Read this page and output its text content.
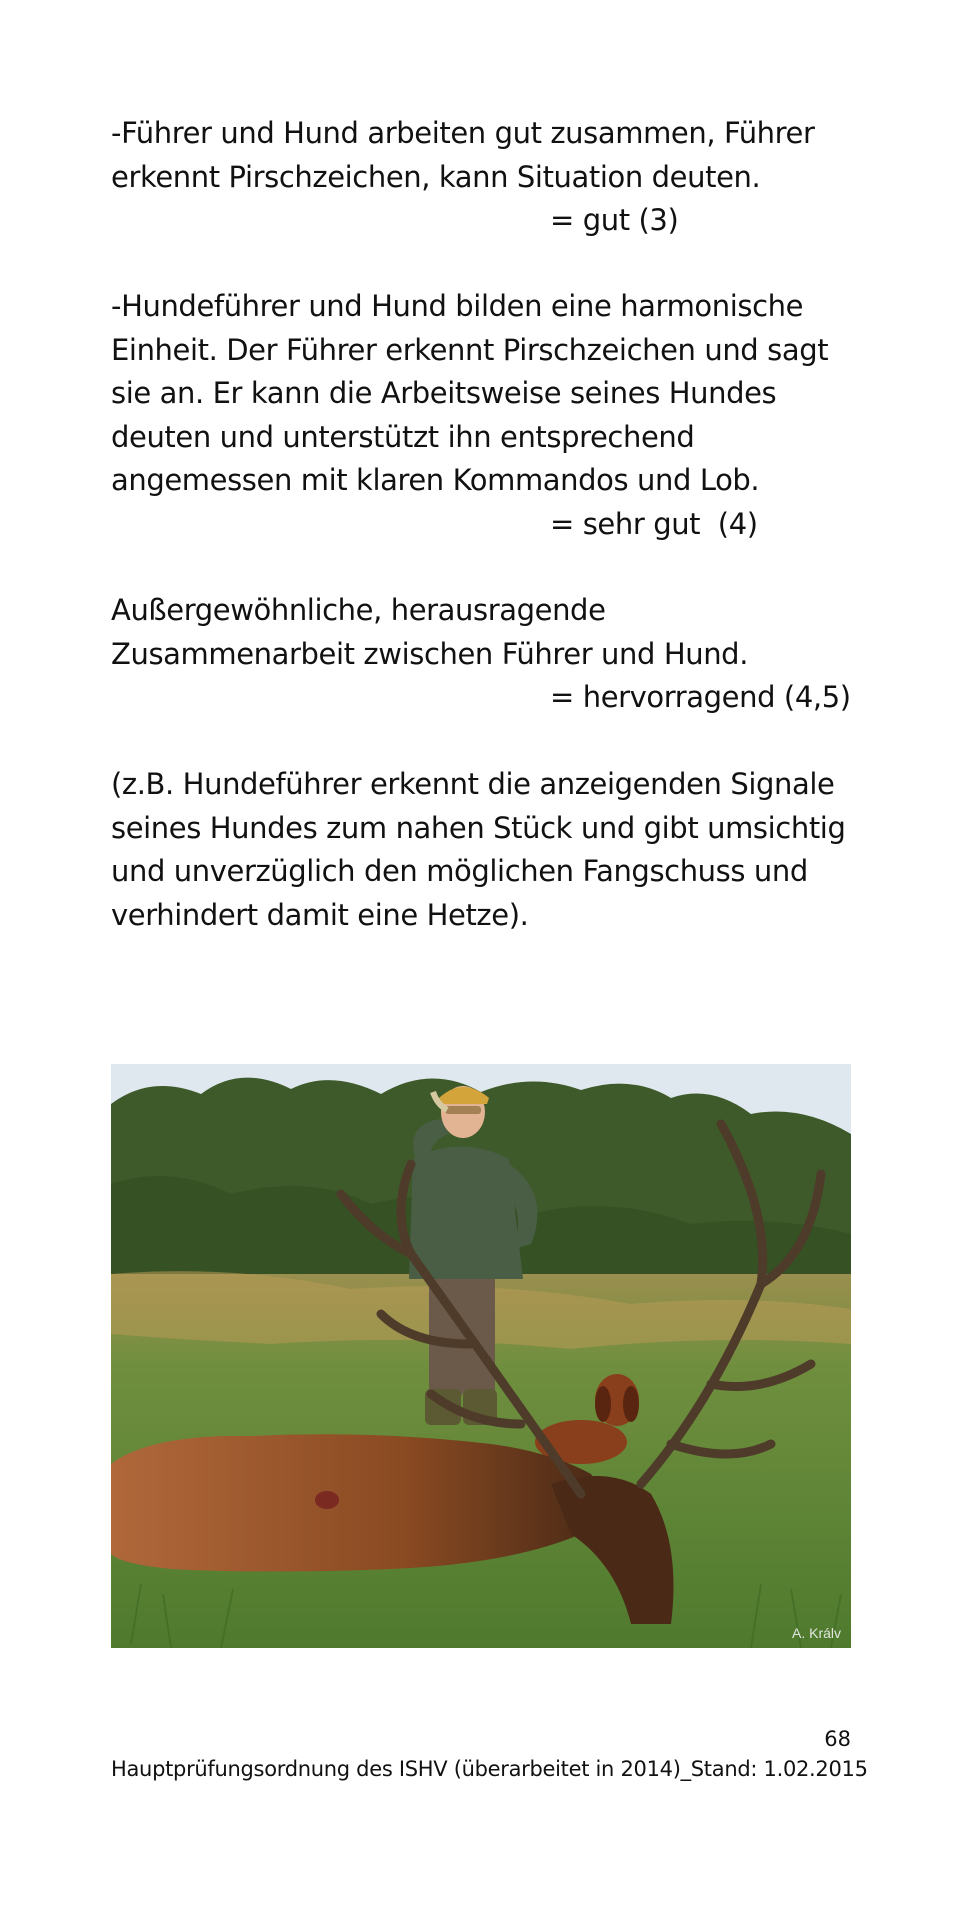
-Führer und Hund arbeiten gut zusammen, Führer

erkennt Pirschzeichen, kann Situation deuten.

= gut (3)

-Hundeführer und Hund bilden eine harmonische

Einheit. Der Führer erkennt Pirschzeichen und sagt

sie an. Er kann die Arbeitsweise seines Hundes

deuten und unterstützt ihn entsprechend

angemessen mit klaren Kommandos und Lob.

= sehr gut  (4)

Außergewöhnliche, herausragende

Zusammenarbeit zwischen Führer und Hund.

= hervorragend (4,5)

(z.B. Hundeführer erkennt die anzeigenden Signale

seines Hundes zum nahen Stück und gibt umsichtig

und unverzüglich den möglichen Fangschuss und

verhindert damit eine Hetze).

A. Králv
68
Hauptprüfungsordnung des ISHV (überarbeitet in 2014)_Stand: 1.02.2015
